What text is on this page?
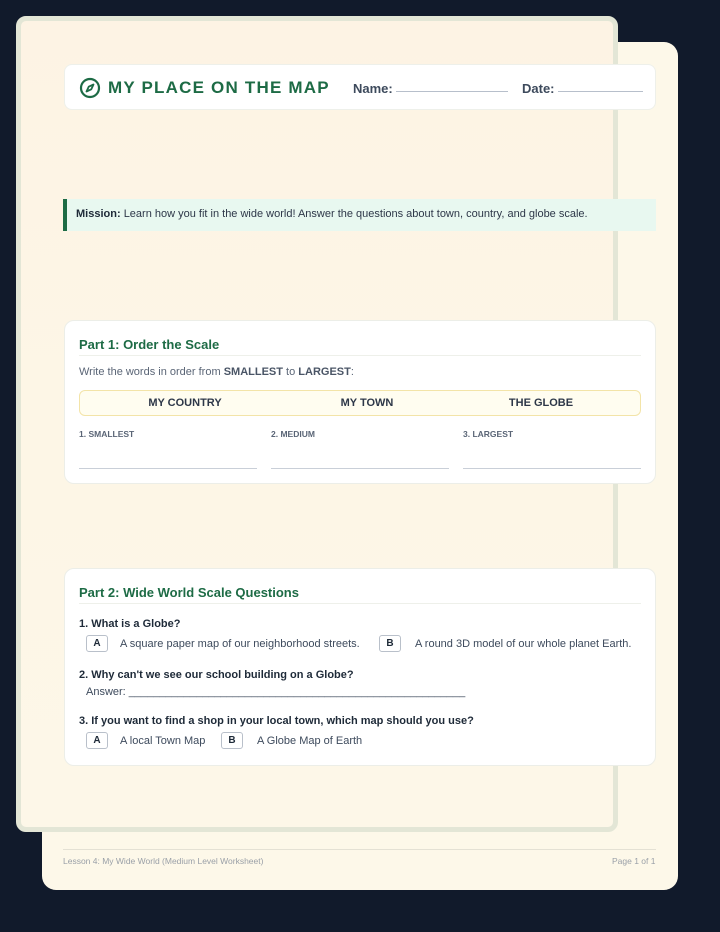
MY PLACE ON THE MAP Name:	Date:
Mission: Learn how you fit in the wide world! Answer the questions about town, country, and globe scale.
Part 1: Order the Scale
Write the words in order from SMALLEST to LARGEST:
MY COUNTRY	MY TOWN	THE GLOBE
1. SMALLEST	2. MEDIUM	3. LARGEST
Part 2: Wide World Scale Questions
1. What is a Globe?
A	A square paper map of our neighborhood streets.	B	A round 3D model of our whole planet Earth.
2. Why can't we see our school building on a Globe?
Answer: _______________________________________________________
3. If you want to find a shop in your local town, which map should you use?
A	A local Town Map	B	A Globe Map of Earth
Lesson 4: My Wide World (Medium Level Worksheet)	Page 1 of 1
